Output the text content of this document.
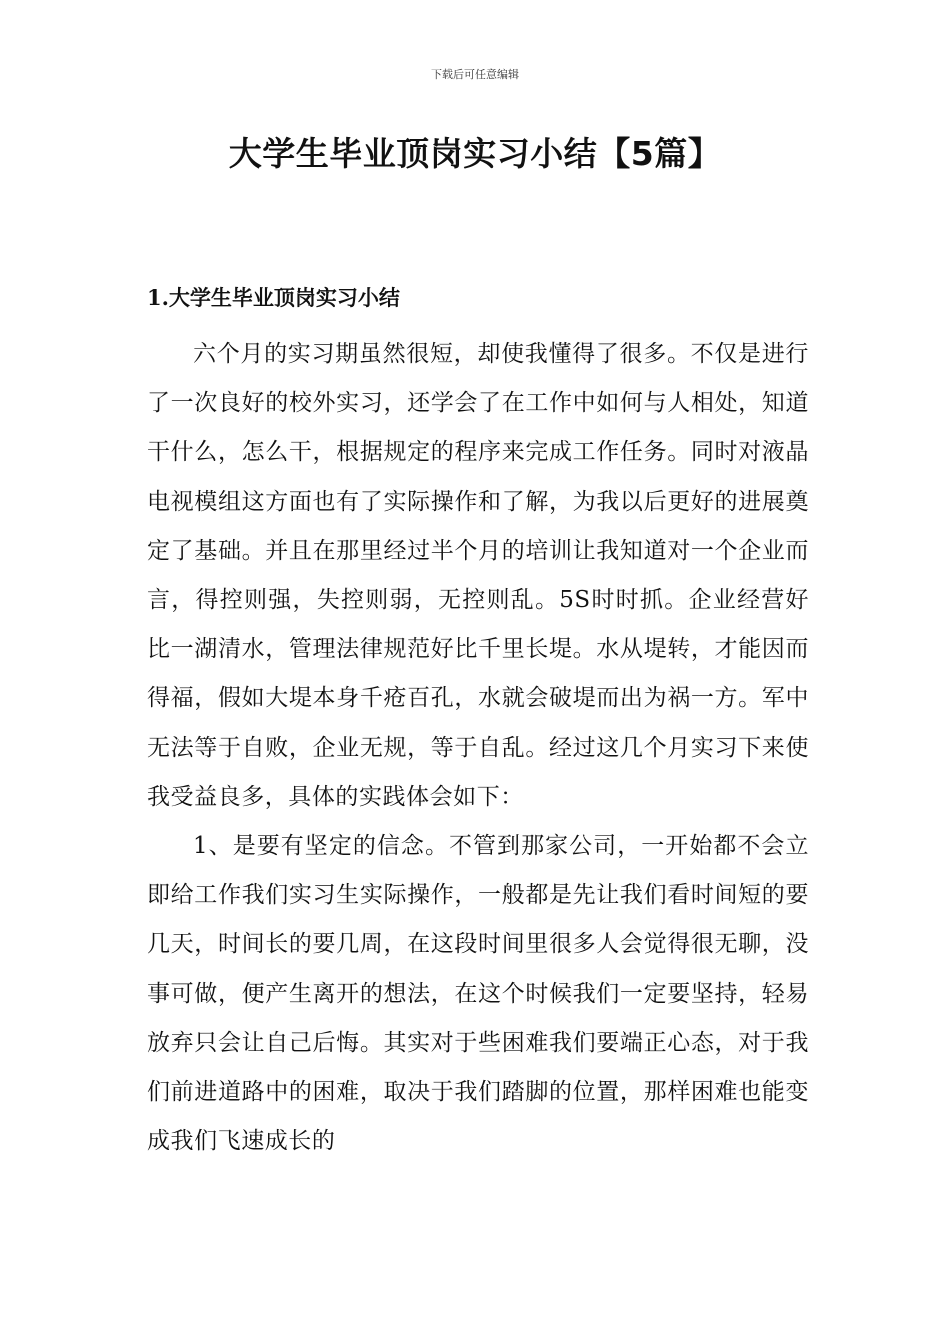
下载后可任意编辑
大学生毕业顶岗实习小结【5篇】
1.大学生毕业顶岗实习小结

六个月的实习期虽然很短，却使我懂得了很多。不仅是进行了一次良好的校外实习，还学会了在工作中如何与人相处，知道干什么，怎么干，根据规定的程序来完成工作任务。同时对液晶电视模组这方面也有了实际操作和了解，为我以后更好的进展奠定了基础。并且在那里经过半个月的培训让我知道对一个企业而言，得控则强，失控则弱，无控则乱。5S时时抓。企业经营好比一湖清水，管理法律规范好比千里长堤。水从堤转，才能因而得福，假如大堤本身千疮百孔，水就会破堤而出为祸一方。军中无法等于自败，企业无规，等于自乱。经过这几个月实习下来使我受益良多，具体的实践体会如下：

1、是要有坚定的信念。不管到那家公司，一开始都不会立即给工作我们实习生实际操作，一般都是先让我们看时间短的要几天，时间长的要几周，在这段时间里很多人会觉得很无聊，没事可做，便产生离开的想法，在这个时候我们一定要坚持，轻易放弃只会让自己后悔。其实对于些困难我们要端正心态，对于我们前进道路中的困难，取决于我们踏脚的位置，那样困难也能变成我们飞速成长的
